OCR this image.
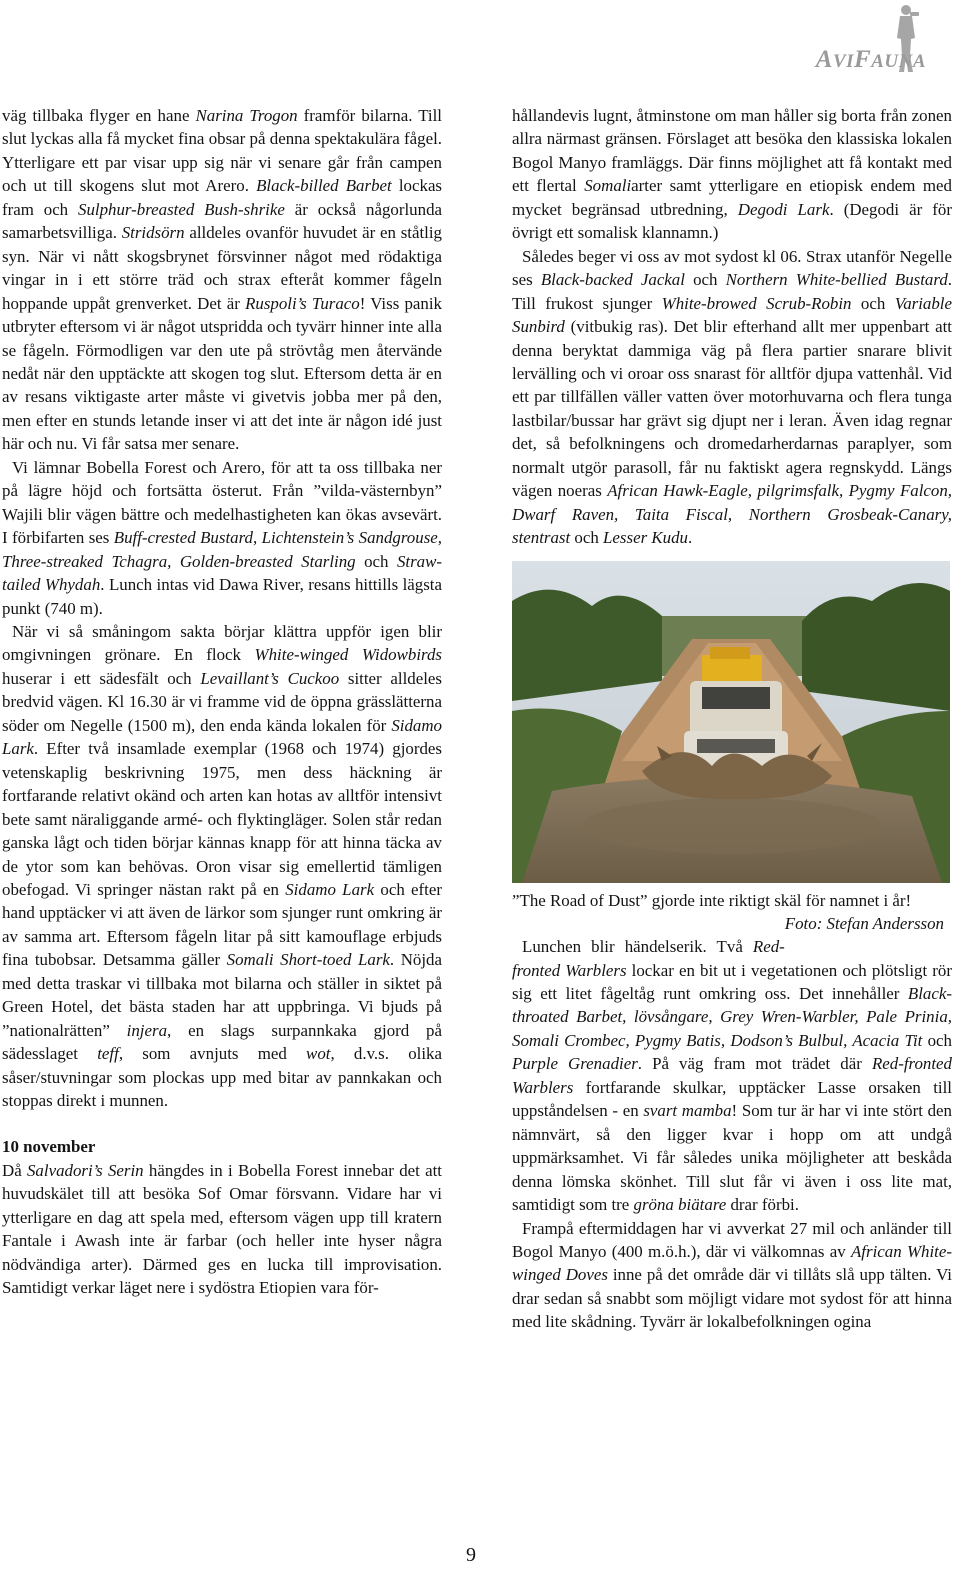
AVIFAUNA

väg tillbaka flyger en hane Narina Trogon framför bilarna. Till slut lyckas alla få mycket fina obsar på denna spektakulära fågel. Ytterligare ett par visar upp sig när vi senare går från campen och ut till skogens slut mot Arero. Black-billed Barbet lockas fram och Sulphur-breasted Bush-shrike är också någorlunda samarbetsvilliga. Stridsörn alldeles ovanför huvudet är en ståtlig syn. När vi nått skogsbrynet försvinner något med rödaktiga vingar in i ett större träd och strax efteråt kommer fågeln hoppande uppåt grenverket. Det är Ruspoli’s Turaco! Viss panik utbryter eftersom vi är något utspridda och tyvärr hinner inte alla se fågeln. Förmodligen var den ute på strövtåg men återvände nedåt när den upptäckte att skogen tog slut. Eftersom detta är en av resans viktigaste arter måste vi givetvis jobba mer på den, men efter en stunds letande inser vi att det inte är någon idé just här och nu. Vi får satsa mer senare.

Vi lämnar Bobella Forest och Arero, för att ta oss tillbaka ner på lägre höjd och fortsätta österut. Från ”vilda-västernbyn” Wajili blir vägen bättre och medelhastigheten kan ökas avsevärt. I förbifarten ses Buff-crested Bustard, Lichtenstein’s Sandgrouse, Three-streaked Tchagra, Golden-breasted Starling och Straw-tailed Whydah. Lunch intas vid Dawa River, resans hittills lägsta punkt (740 m).

När vi så småningom sakta börjar klättra uppför igen blir omgivningen grönare. En flock White-winged Widowbirds huserar i ett sädesfält och Levaillant’s Cuckoo sitter alldeles bredvid vägen. Kl 16.30 är vi framme vid de öppna grässlätterna söder om Negelle (1500 m), den enda kända lokalen för Sidamo Lark. Efter två insamlade exemplar (1968 och 1974) gjordes vetenskaplig beskrivning 1975, men dess häckning är fortfarande relativt okänd och arten kan hotas av alltför intensivt bete samt näraliggande armé- och flyktingläger. Solen står redan ganska lågt och tiden börjar kännas knapp för att hinna täcka av de ytor som kan behövas. Oron visar sig emellertid tämligen obefogad. Vi springer nästan rakt på en Sidamo Lark och efter hand upptäcker vi att även de lärkor som sjunger runt omkring är av samma art. Eftersom fågeln litar på sitt kamouflage erbjuds fina tubobsar. Detsamma gäller Somali Short-toed Lark. Nöjda med detta traskar vi tillbaka mot bilarna och ställer in siktet på Green Hotel, det bästa staden har att uppbringa. Vi bjuds på ”nationalrätten” injera, en slags surpannkaka gjord på sädesslaget teff, som avnjuts med wot, d.v.s. olika såser/stuvningar som plockas upp med bitar av pannkakan och stoppas direkt i munnen.

10 november

Då Salvadori’s Serin hängdes in i Bobella Forest innebar det att huvudskälet till att besöka Sof Omar försvann. Vidare har vi ytterligare en dag att spela med, eftersom vägen upp till kratern Fantale i Awash inte är farbar (och heller inte hyser några nödvändiga arter). Därmed ges en lucka till improvisation. Samtidigt verkar läget nere i sydöstra Etiopien vara för-

hållandevis lugnt, åtminstone om man håller sig borta från zonen allra närmast gränsen. Förslaget att besöka den klassiska lokalen Bogol Manyo framläggs. Där finns möjlighet att få kontakt med ett flertal Somaliarter samt ytterligare en etiopisk endem med mycket begränsad utbredning, Degodi Lark. (Degodi är för övrigt ett somalisk klannamn.)

Således beger vi oss av mot sydost kl 06. Strax utanför Negelle ses Black-backed Jackal och Northern White-bellied Bustard. Till frukost sjunger White-browed Scrub-Robin och Variable Sunbird (vitbukig ras). Det blir efterhand allt mer uppenbart att denna beryktat dammiga väg på flera partier snarare blivit lervälling och vi oroar oss snarast för alltför djupa vattenhål. Vid ett par tillfällen väller vatten över motorhuvarna och flera tunga lastbilar/bussar har grävt sig djupt ner i leran. Även idag regnar det, så befolkningens och dromedarherdarnas paraplyer, som normalt utgör parasoll, får nu faktiskt agera regnskydd. Längs vägen noeras African Hawk-Eagle, pilgrimsfalk, Pygmy Falcon, Dwarf Raven, Taita Fiscal, Northern Grosbeak-Canary, stentrast och Lesser Kudu.

”The Road of Dust” gjorde inte riktigt skäl för namnet i år!
Foto: Stefan Andersson

Lunchen blir händelserik. Två Red-fronted Warblers lockar en bit ut i vegetationen och plötsligt rör sig ett litet fågeltåg runt omkring oss. Det innehåller Black-throated Barbet, lövsångare, Grey Wren-Warbler, Pale Prinia, Somali Crombec, Pygmy Batis, Dodson’s Bulbul, Acacia Tit och Purple Grenadier. På väg fram mot trädet där Red-fronted Warblers fortfarande skulkar, upptäcker Lasse orsaken till uppståndelsen - en svart mamba! Som tur är har vi inte stört den nämnvärt, så den ligger kvar i hopp om att undgå uppmärksamhet. Vi får således unika möjligheter att beskåda denna lömska skönhet. Till slut får vi även i oss lite mat, samtidigt som tre gröna biätare drar förbi.

Frampå eftermiddagen har vi avverkat 27 mil och anländer till Bogol Manyo (400 m.ö.h.), där vi välkomnas av African White-winged Doves inne på det område där vi tillåts slå upp tälten. Vi drar sedan så snabbt som möjligt vidare mot sydost för att hinna med lite skådning. Tyvärr är lokalbefolkningen ogina

9
